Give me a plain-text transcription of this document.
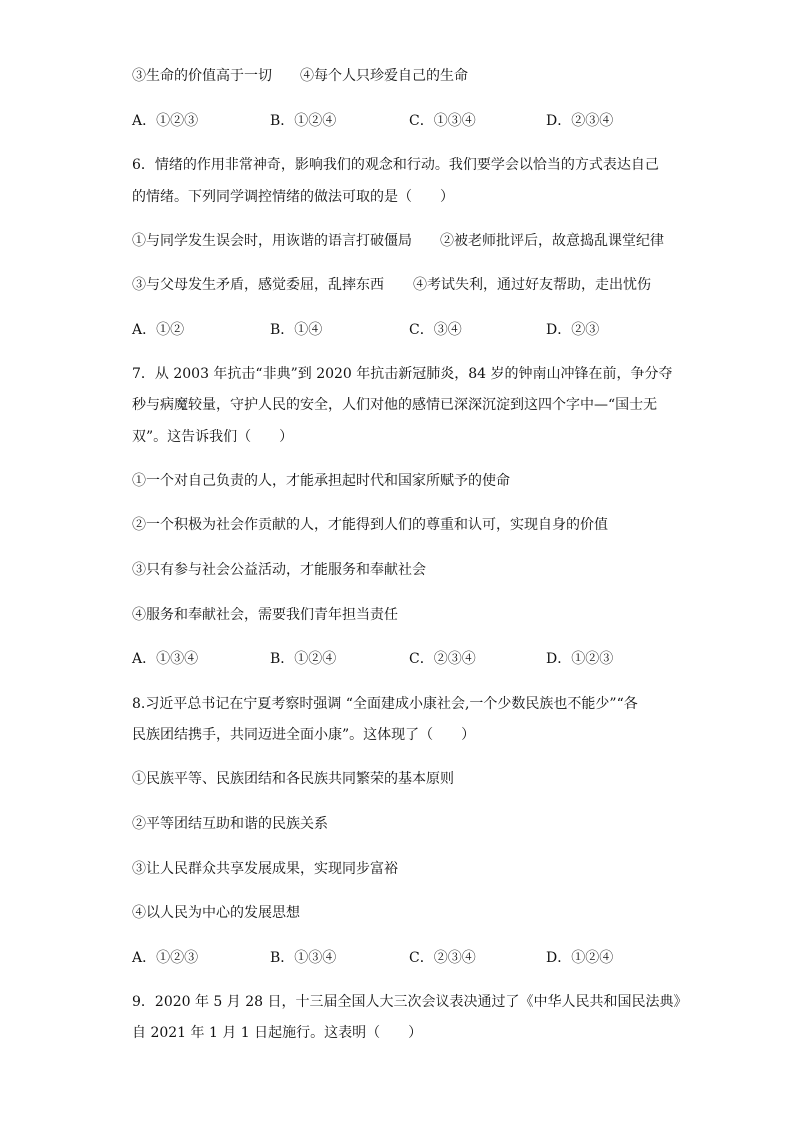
③生命的价值高于一切 ④每个人只珍爱自己的生命
A．①②③	B．①②④	C．①③④	D．②③④
6．情绪的作用非常神奇，影响我们的观念和行动。我们要学会以恰当的方式表达自己
的情绪。下列同学调控情绪的做法可取的是（　　）
①与同学发生误会时，用诙谐的语言打破僵局 ②被老师批评后，故意捣乱课堂纪律
③与父母发生矛盾，感觉委屈，乱摔东西 ④考试失利，通过好友帮助，走出忧伤
A．①②	B．①④	C．③④	D．②③
7．从 2003 年抗击“非典”到 2020 年抗击新冠肺炎，84 岁的钟南山冲锋在前，争分夺
秒与病魔较量，守护人民的安全，人们对他的感情已深深沉淀到这四个字中—“国士无
双”。这告诉我们（　　）
①一个对自己负责的人，才能承担起时代和国家所赋予的使命
②一个积极为社会作贡献的人，才能得到人们的尊重和认可，实现自身的价值
③只有参与社会公益活动，才能服务和奉献社会
④服务和奉献社会，需要我们青年担当责任
A．①③④	B．①②④	C．②③④	D．①②③
8.习近平总书记在宁夏考察时强调 “全面建成小康社会,一个少数民族也不能少”“各
民族团结携手，共同迈进全面小康”。这体现了（　　）
①民族平等、民族团结和各民族共同繁荣的基本原则
②平等团结互助和谐的民族关系
③让人民群众共享发展成果，实现同步富裕
④以人民为中心的发展思想
A．①②③	B．①③④	C．②③④	D．①②④
9．2020 年 5 月 28 日，十三届全国人大三次会议表决通过了《中华人民共和国民法典》
自 2021 年 1 月 1 日起施行。这表明（　　）
